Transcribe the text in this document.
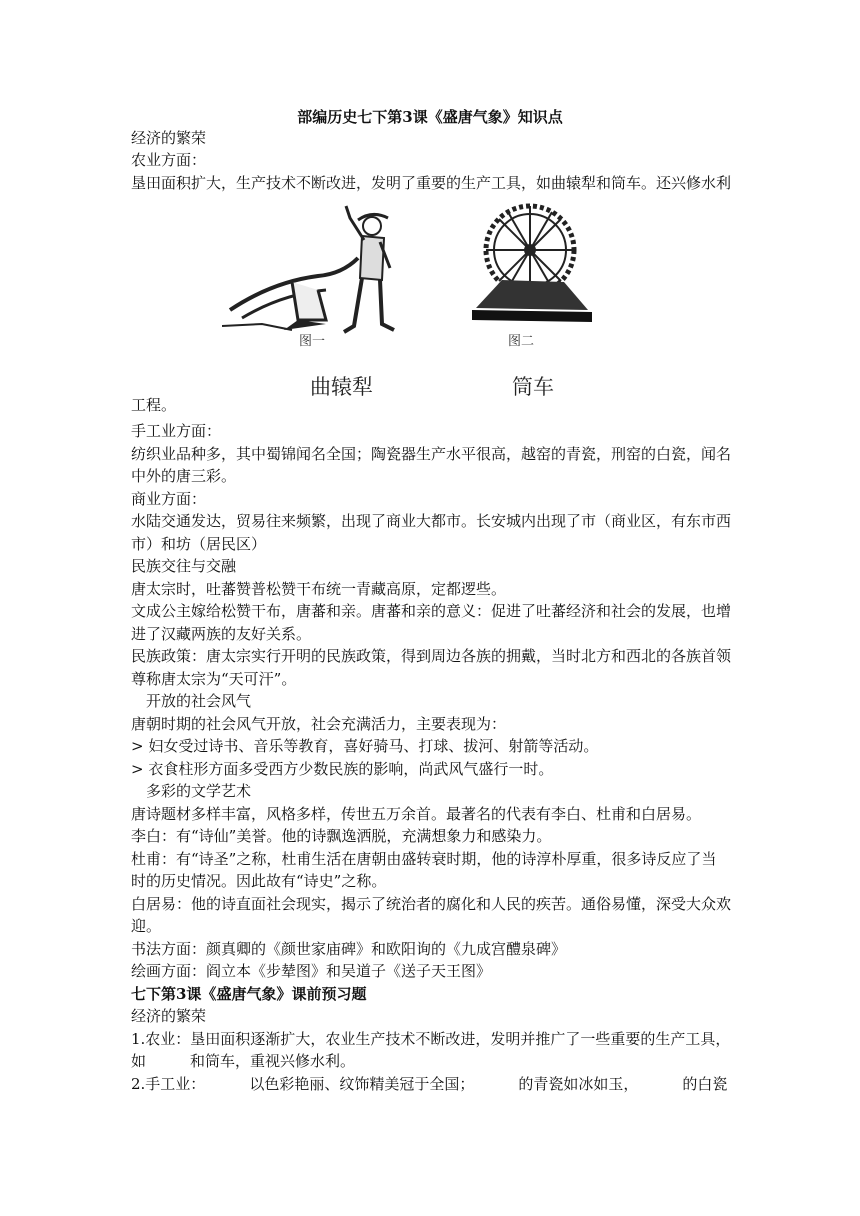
部编历史七下第3课《盛唐气象》知识点
经济的繁荣
农业方面：
垦田面积扩大，生产技术不断改进，发明了重要的生产工具，如曲辕犁和筒车。还兴修水利
图一	图二
曲辕犁	筒车
工程。
手工业方面：
纺织业品种多，其中蜀锦闻名全国；陶瓷器生产水平很高，越窑的青瓷，刑窑的白瓷，闻名
中外的唐三彩。
商业方面：
水陆交通发达，贸易往来频繁，出现了商业大都市。长安城内出现了市（商业区，有东市西
市）和坊（居民区）
民族交往与交融
唐太宗时，吐蕃赞普松赞干布统一青藏高原，定都逻些。
文成公主嫁给松赞干布，唐蕃和亲。唐蕃和亲的意义：促进了吐蕃经济和社会的发展，也增
进了汉藏两族的友好关系。
民族政策：唐太宗实行开明的民族政策，得到周边各族的拥戴，当时北方和西北的各族首领
尊称唐太宗为“天可汗”。
开放的社会风气
唐朝时期的社会风气开放，社会充满活力，主要表现为：
> 妇女受过诗书、音乐等教育，喜好骑马、打球、拔河、射箭等活动。
> 衣食柱形方面多受西方少数民族的影响，尚武风气盛行一时。
多彩的文学艺术
唐诗题材多样丰富，风格多样，传世五万余首。最著名的代表有李白、杜甫和白居易。
李白：有“诗仙”美誉。他的诗飘逸洒脱，充满想象力和感染力。
杜甫：有“诗圣”之称，杜甫生活在唐朝由盛转衰时期，他的诗淳朴厚重，很多诗反应了当
时的历史情况。因此故有“诗史”之称。
白居易：他的诗直面社会现实，揭示了统治者的腐化和人民的疾苦。通俗易懂，深受大众欢
迎。
书法方面：颜真卿的《颜世家庙碑》和欧阳询的《九成宫醴泉碑》
绘画方面：阎立本《步辇图》和吴道子《送子天王图》
七下第3课《盛唐气象》课前预习题
经济的繁荣
1.农业：垦田面积逐渐扩大，农业生产技术不断改进，发明并推广了一些重要的生产工具，
如	和筒车，重视兴修水利。
2.手工业：	以色彩艳丽、纹饰精美冠于全国；	的青瓷如冰如玉，	的白瓷
